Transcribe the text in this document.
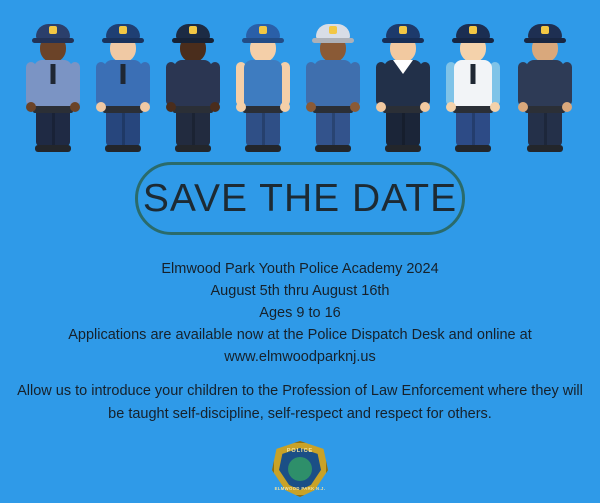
SAVE THE DATE
Elmwood Park Youth Police Academy 2024
August 5th thru August 16th
Ages 9 to 16
Applications are available now at the Police Dispatch Desk and online at
www.elmwoodparknj.us
Allow us to introduce your children to the Profession of Law Enforcement where they will be taught self-discipline, self-respect and respect for others.
POLICE
ELMWOOD PARK N.J.
